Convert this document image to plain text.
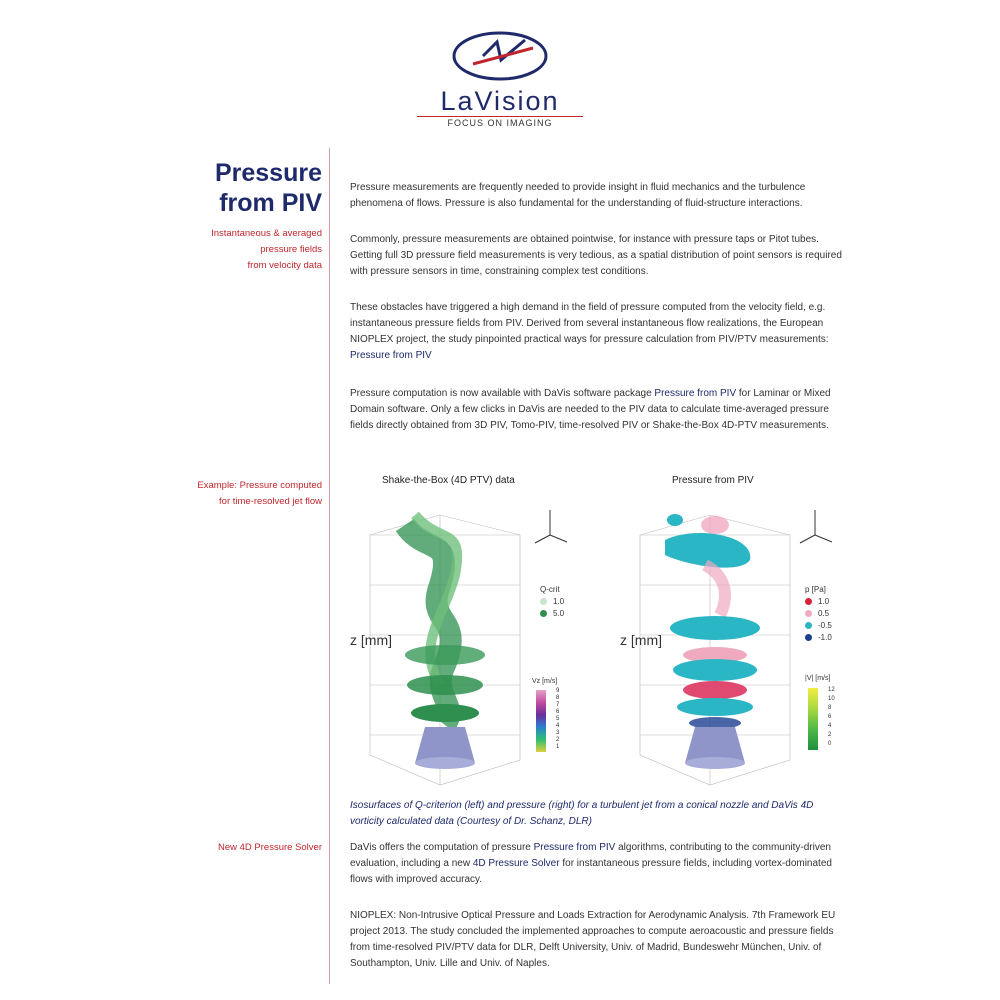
LaVision
FOCUS ON IMAGING
Pressure
from PIV
Instantaneous & averaged
pressure fields
from velocity data
Example: Pressure computed
for time-resolved jet flow
New 4D Pressure Solver

Pressure measurements are frequently needed to provide insight in fluid mechanics and the turbulence phenomena of flows. Pressure is also fundamental for the understanding of fluid-structure interactions.

Commonly, pressure measurements are obtained pointwise, for instance with pressure taps or Pitot tubes. Getting full 3D pressure field measurements is very tedious, as a spatial distribution of point sensors is required with pressure sensors in time, constraining complex test conditions.

These obstacles have triggered a high demand in the field of pressure computed from the velocity field, e.g. instantaneous pressure fields from PIV. Derived from several instantaneous flow realizations, the European NIOPLEX project, the study pinpointed practical ways for pressure calculation from PIV/PTV measurements: Pressure from PIV

Pressure computation is now available with DaVis software package Pressure from PIV for Laminar or Mixed Domain software. Only a few clicks in DaVis are needed to the PIV data to calculate time-averaged pressure fields directly obtained from 3D PIV, Tomo-PIV, time-resolved PIV or Shake-the-Box 4D-PTV measurements.

Shake-the-Box (4D PTV) data	Pressure from PIV
z [mm]
Q-crit
1.0
5.0
Vz [m/s]
9
8
7
6
5
4
3
2
1
z [mm]
p [Pa]
1.0
0.5
-0.5
-1.0
|V| [m/s]
12
10
8
6
4
2
0
Isosurfaces of Q-criterion (left) and pressure (right) for a turbulent jet from a conical nozzle and DaVis 4D vorticity calculated data (Courtesy of Dr. Schanz, DLR)

DaVis offers the computation of pressure Pressure from PIV algorithms, contributing to the community-driven evaluation, including a new 4D Pressure Solver for instantaneous pressure fields, including vortex-dominated flows with improved accuracy.

NIOPLEX: Non-Intrusive Optical Pressure and Loads Extraction for Aerodynamic Analysis. 7th Framework EU project 2013. The study concluded the implemented approaches to compute aeroacoustic and pressure fields from time-resolved PIV/PTV data for DLR, Delft University, Univ. of Madrid, Bundeswehr München, Univ. of Southampton, Univ. Lille and Univ. of Naples.
